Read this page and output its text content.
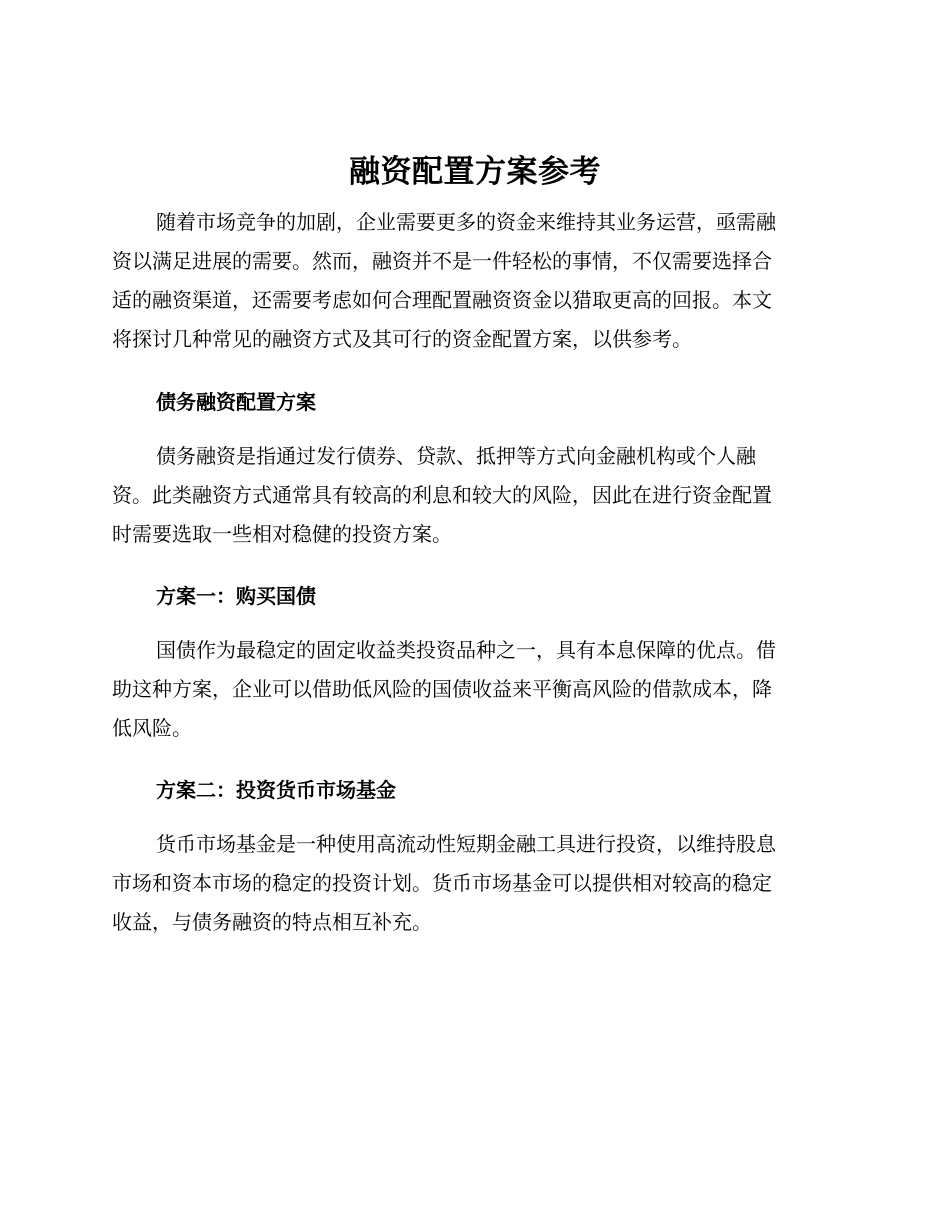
融资配置方案参考

随着市场竞争的加剧，企业需要更多的资金来维持其业务运营，亟需融
资以满足进展的需要。然而，融资并不是一件轻松的事情，不仅需要选择合
适的融资渠道，还需要考虑如何合理配置融资资金以猎取更高的回报。本文
将探讨几种常见的融资方式及其可行的资金配置方案，以供参考。

债务融资配置方案

债务融资是指通过发行债券、贷款、抵押等方式向金融机构或个人融
资。此类融资方式通常具有较高的利息和较大的风险，因此在进行资金配置
时需要选取一些相对稳健的投资方案。

方案一：购买国债

国债作为最稳定的固定收益类投资品种之一，具有本息保障的优点。借
助这种方案，企业可以借助低风险的国债收益来平衡高风险的借款成本，降
低风险。

方案二：投资货币市场基金

货币市场基金是一种使用高流动性短期金融工具进行投资，以维持股息
市场和资本市场的稳定的投资计划。货币市场基金可以提供相对较高的稳定
收益，与债务融资的特点相互补充。
